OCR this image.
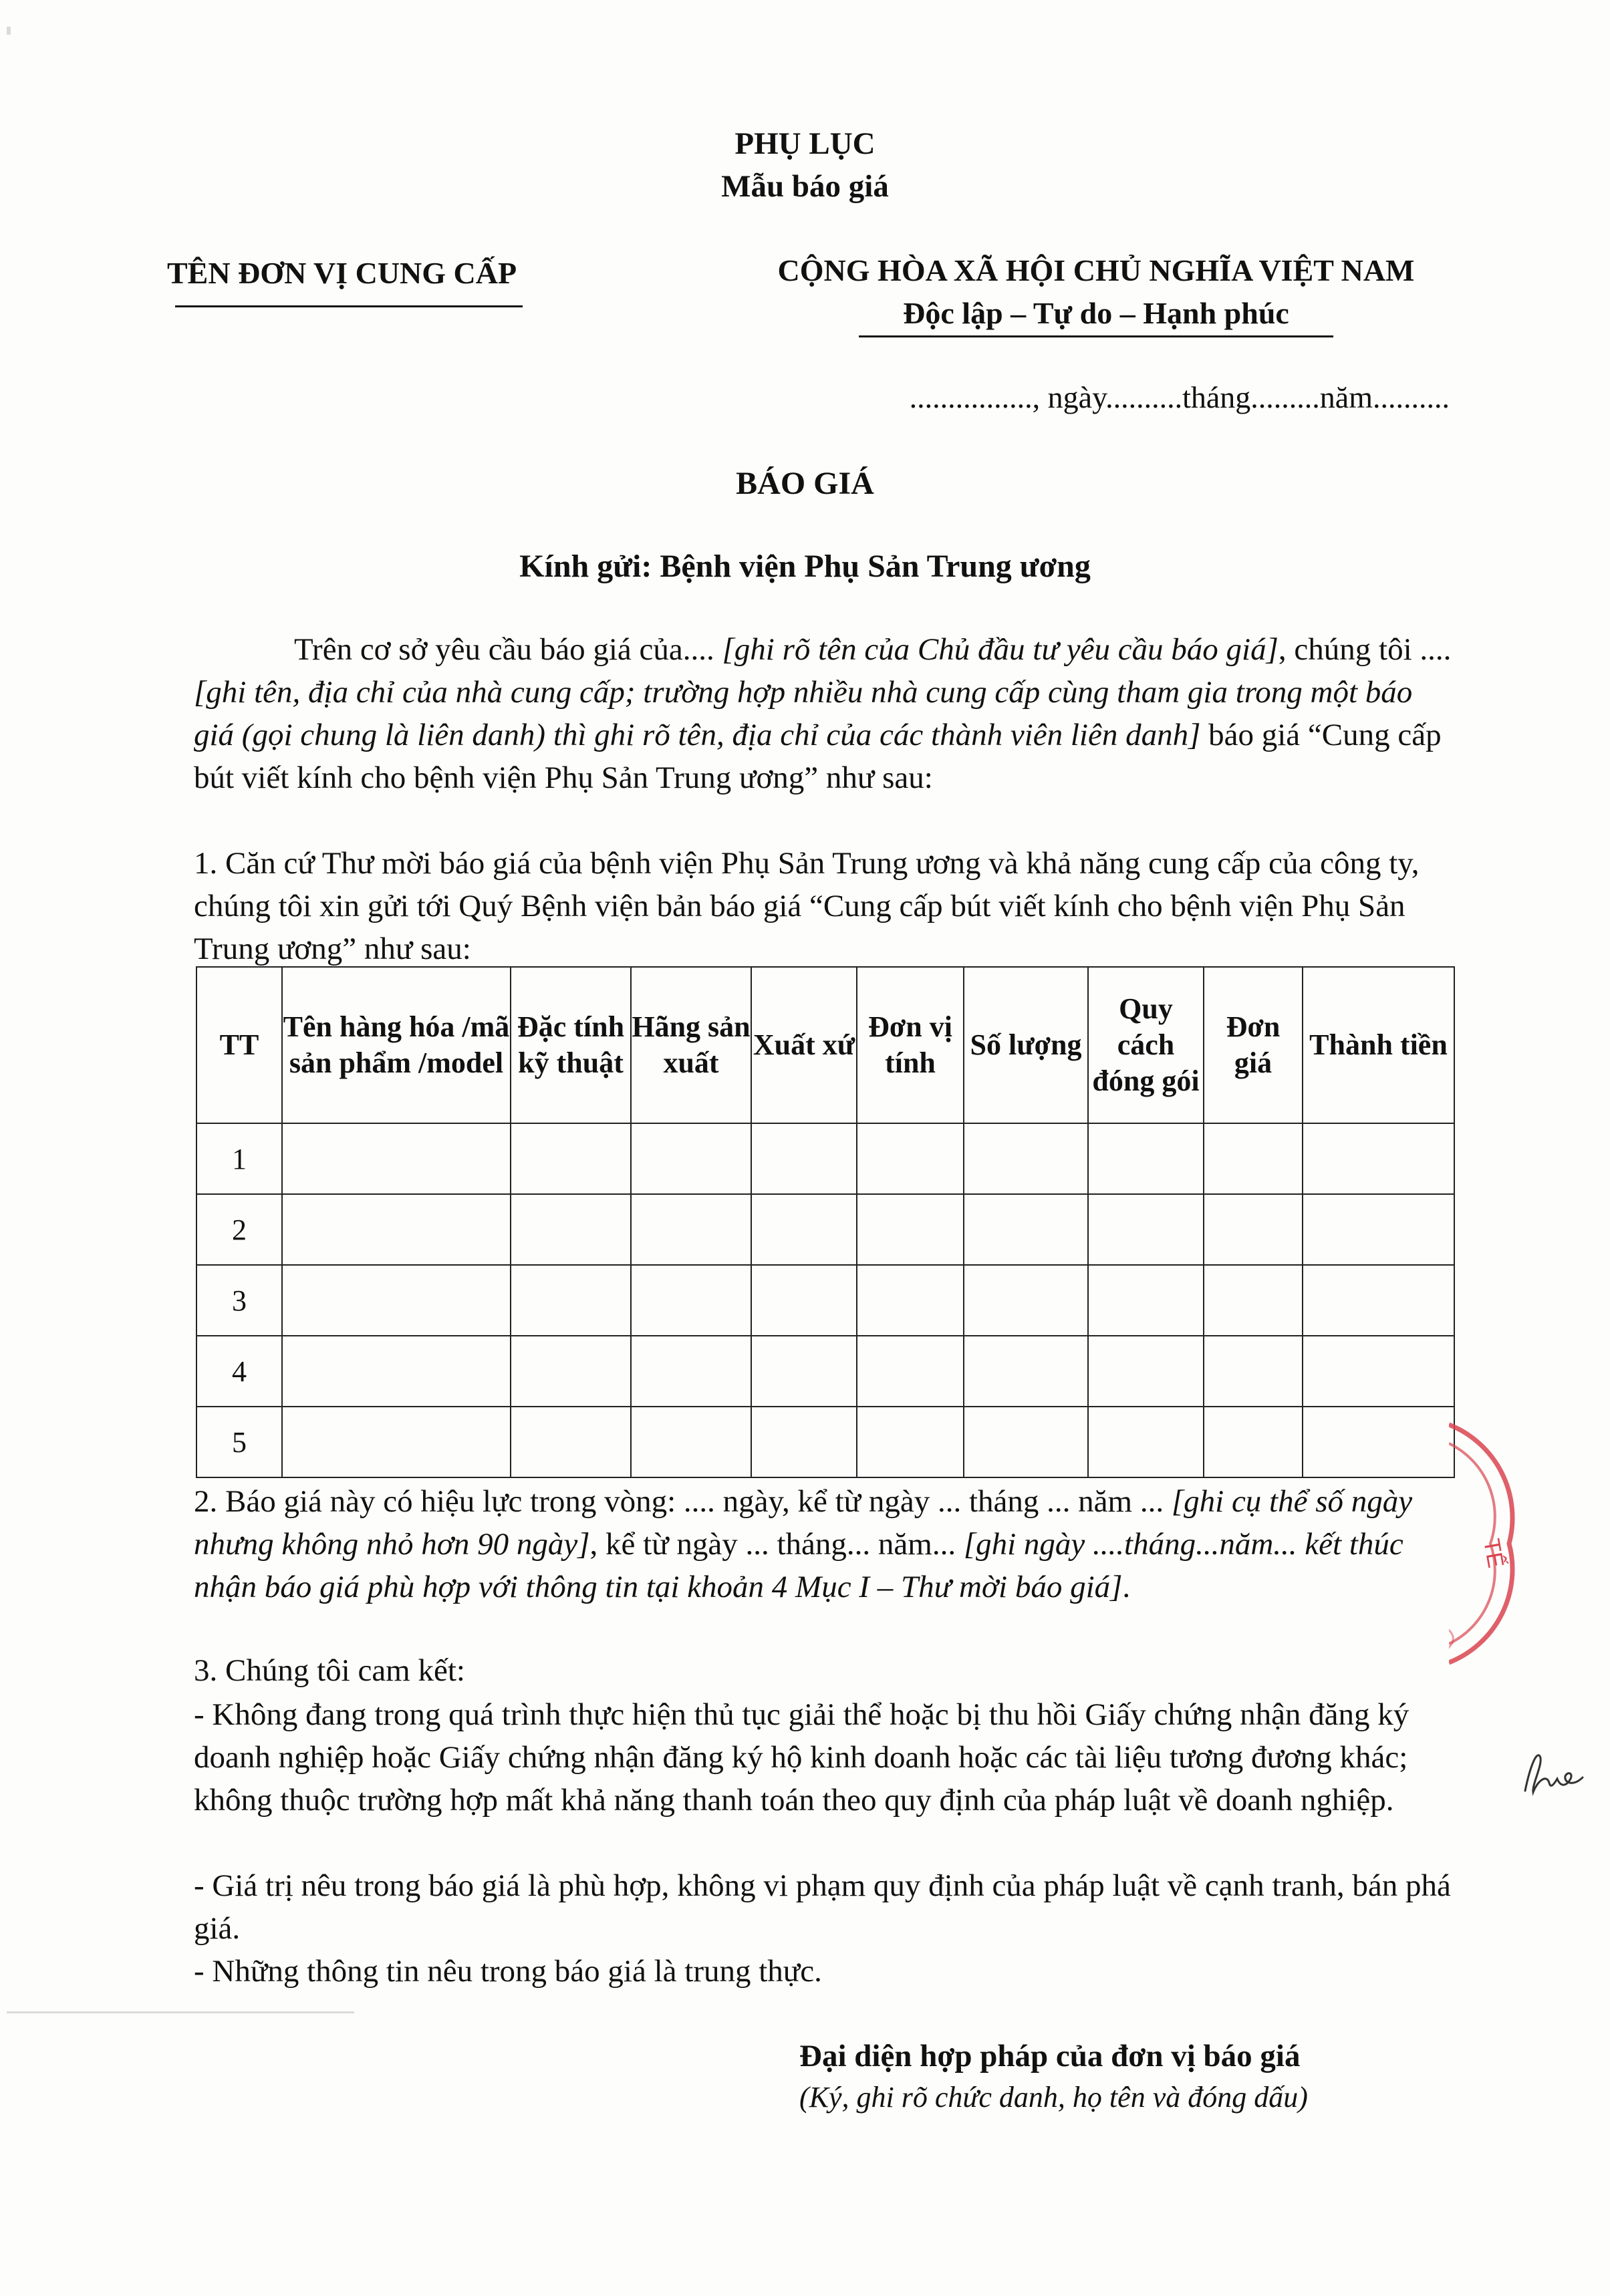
PHỤ LỤC
Mẫu báo giá
TÊN ĐƠN VỊ CUNG CẤP	CỘNG HÒA XÃ HỘI CHỦ NGHĨA VIỆT NAM
Độc lập – Tự do – Hạnh phúc
................, ngày..........tháng.........năm..........
BÁO GIÁ
Kính gửi: Bệnh viện Phụ Sản Trung ương
Trên cơ sở yêu cầu báo giá của.... [ghi rõ tên của Chủ đầu tư yêu cầu báo giá], chúng tôi .... [ghi tên, địa chỉ của nhà cung cấp; trường hợp nhiều nhà cung cấp cùng tham gia trong một báo giá (gọi chung là liên danh) thì ghi rõ tên, địa chỉ của các thành viên liên danh] báo giá “Cung cấp bút viết kính cho bệnh viện Phụ Sản Trung ương” như sau:
1. Căn cứ Thư mời báo giá của bệnh viện Phụ Sản Trung ương và khả năng cung cấp của công ty, chúng tôi xin gửi tới Quý Bệnh viện bản báo giá “Cung cấp bút viết kính cho bệnh viện Phụ Sản Trung ương” như sau:
TT	Tên hàng hóa /mã sản phẩm /model	Đặc tính kỹ thuật	Hãng sản xuất	Xuất xứ	Đơn vị tính	Số lượng	Quy cách đóng gói	Đơn giá	Thành tiền
1									
2									
3									
4									
5									
2. Báo giá này có hiệu lực trong vòng: .... ngày, kể từ ngày ... tháng ... năm ... [ghi cụ thể số ngày nhưng không nhỏ hơn 90 ngày], kể từ ngày ... tháng... năm... [ghi ngày ....tháng...năm... kết thúc nhận báo giá phù hợp với thông tin tại khoản 4 Mục I – Thư mời báo giá].
3. Chúng tôi cam kết:
- Không đang trong quá trình thực hiện thủ tục giải thể hoặc bị thu hồi Giấy chứng nhận đăng ký doanh nghiệp hoặc Giấy chứng nhận đăng ký hộ kinh doanh hoặc các tài liệu tương đương khác; không thuộc trường hợp mất khả năng thanh toán theo quy định của pháp luật về doanh nghiệp.
- Giá trị nêu trong báo giá là phù hợp, không vi phạm quy định của pháp luật về cạnh tranh, bán phá giá.
- Những thông tin nêu trong báo giá là trung thực.
Đại diện hợp pháp của đơn vị báo giá
(Ký, ghi rõ chức danh, họ tên và đóng dấu)
TẾ
